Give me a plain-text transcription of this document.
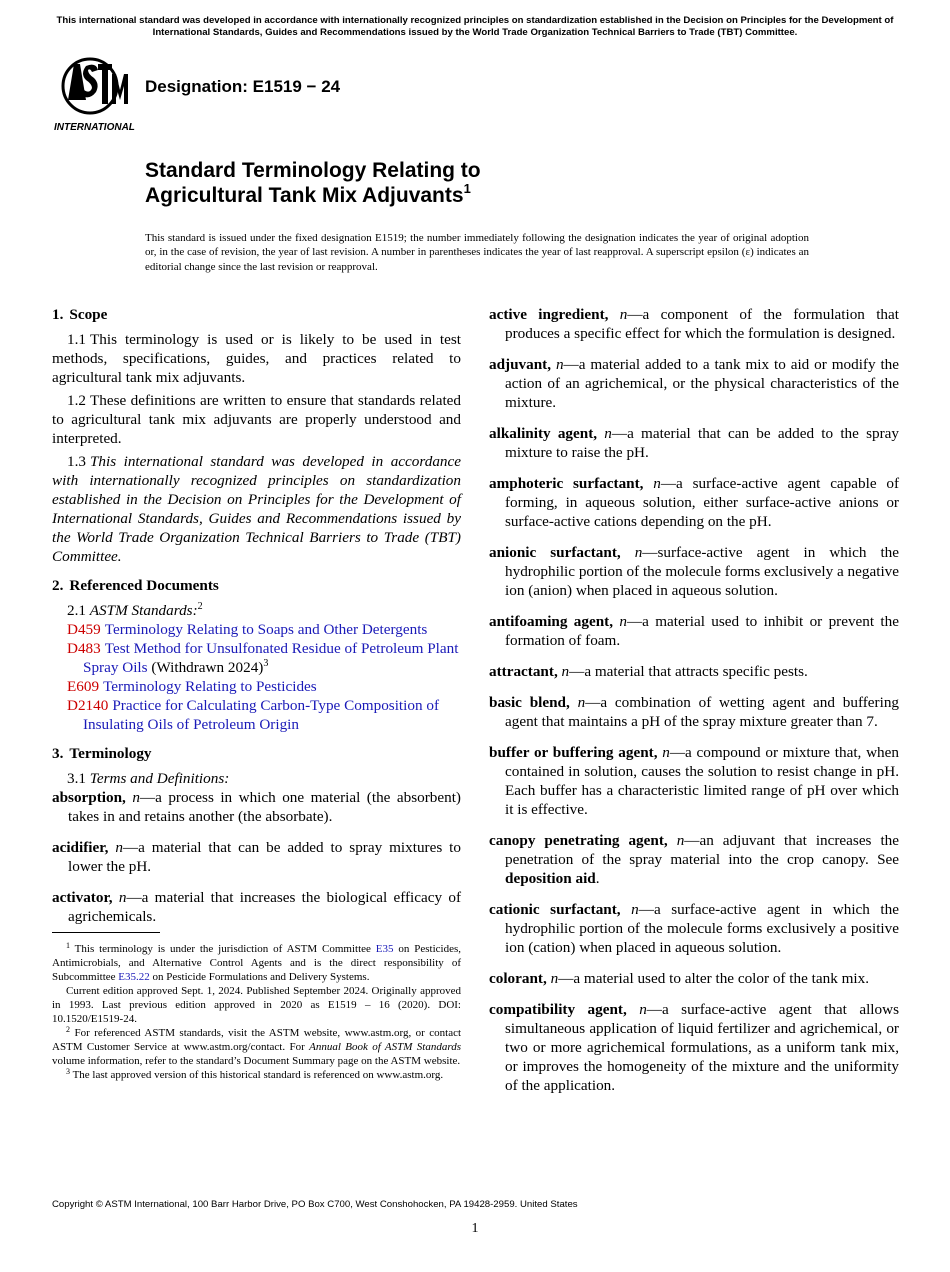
This international standard was developed in accordance with internationally recognized principles on standardization established in the Decision on Principles for the Development of International Standards, Guides and Recommendations issued by the World Trade Organization Technical Barriers to Trade (TBT) Committee.
INTERNATIONAL
Designation: E1519 − 24
Standard Terminology Relating to
Agricultural Tank Mix Adjuvants$^1$
This standard is issued under the fixed designation E1519; the number immediately following the designation indicates the year of original adoption or, in the case of revision, the year of last revision. A number in parentheses indicates the year of last reapproval. A superscript epsilon (ε) indicates an editorial change since the last revision or reapproval.
1. Scope

1.1 This terminology is used or is likely to be used in test methods, specifications, guides, and practices related to agricultural tank mix adjuvants.

1.2 These definitions are written to ensure that standards related to agricultural tank mix adjuvants are properly understood and interpreted.

1.3 This international standard was developed in accordance with internationally recognized principles on standardization established in the Decision on Principles for the Development of International Standards, Guides and Recommendations issued by the World Trade Organization Technical Barriers to Trade (TBT) Committee.

2. Referenced Documents
2.1 ASTM Standards:$^2$
D459 Terminology Relating to Soaps and Other Detergents
D483 Test Method for Unsulfonated Residue of Petroleum Plant Spray Oils (Withdrawn 2024)$^3$
E609 Terminology Relating to Pesticides
D2140 Practice for Calculating Carbon-Type Composition of Insulating Oils of Petroleum Origin
3. Terminology
3.1 Terms and Definitions:

absorption, n—a process in which one material (the absorbent) takes in and retains another (the absorbate).

acidifier, n—a material that can be added to spray mixtures to lower the pH.

activator, n—a material that increases the biological efficacy of agrichemicals.

active ingredient, n—a component of the formulation that produces a specific effect for which the formulation is designed.

adjuvant, n—a material added to a tank mix to aid or modify the action of an agrichemical, or the physical characteristics of the mixture.

alkalinity agent, n—a material that can be added to the spray mixture to raise the pH.

amphoteric surfactant, n—a surface-active agent capable of forming, in aqueous solution, either surface-active anions or surface-active cations depending on the pH.

anionic surfactant, n—surface-active agent in which the hydrophilic portion of the molecule forms exclusively a negative ion (anion) when placed in aqueous solution.

antifoaming agent, n—a material used to inhibit or prevent the formation of foam.

attractant, n—a material that attracts specific pests.

basic blend, n—a combination of wetting agent and buffering agent that maintains a pH of the spray mixture greater than 7.

buffer or buffering agent, n—a compound or mixture that, when contained in solution, causes the solution to resist change in pH. Each buffer has a characteristic limited range of pH over which it is effective.

canopy penetrating agent, n—an adjuvant that increases the penetration of the spray material into the crop canopy. See deposition aid.

cationic surfactant, n—a surface-active agent in which the hydrophilic portion of the molecule forms exclusively a positive ion (cation) when placed in aqueous solution.

colorant, n—a material used to alter the color of the tank mix.

compatibility agent, n—a surface-active agent that allows simultaneous application of liquid fertilizer and agrichemical, or two or more agrichemical formulations, as a uniform tank mix, or improves the homogeneity of the mixture and the uniformity of the application.

$^1$ This terminology is under the jurisdiction of ASTM Committee E35 on Pesticides, Antimicrobials, and Alternative Control Agents and is the direct responsibility of Subcommittee E35.22 on Pesticide Formulations and Delivery Systems.

Current edition approved Sept. 1, 2024. Published September 2024. Originally approved in 1993. Last previous edition approved in 2020 as E1519 – 16 (2020). DOI: 10.1520/E1519-24.

$^2$ For referenced ASTM standards, visit the ASTM website, www.astm.org, or contact ASTM Customer Service at www.astm.org/contact. For Annual Book of ASTM Standards volume information, refer to the standard’s Document Summary page on the ASTM website.

$^3$ The last approved version of this historical standard is referenced on www.astm.org.

Copyright © ASTM International, 100 Barr Harbor Drive, PO Box C700, West Conshohocken, PA 19428-2959. United States
1
